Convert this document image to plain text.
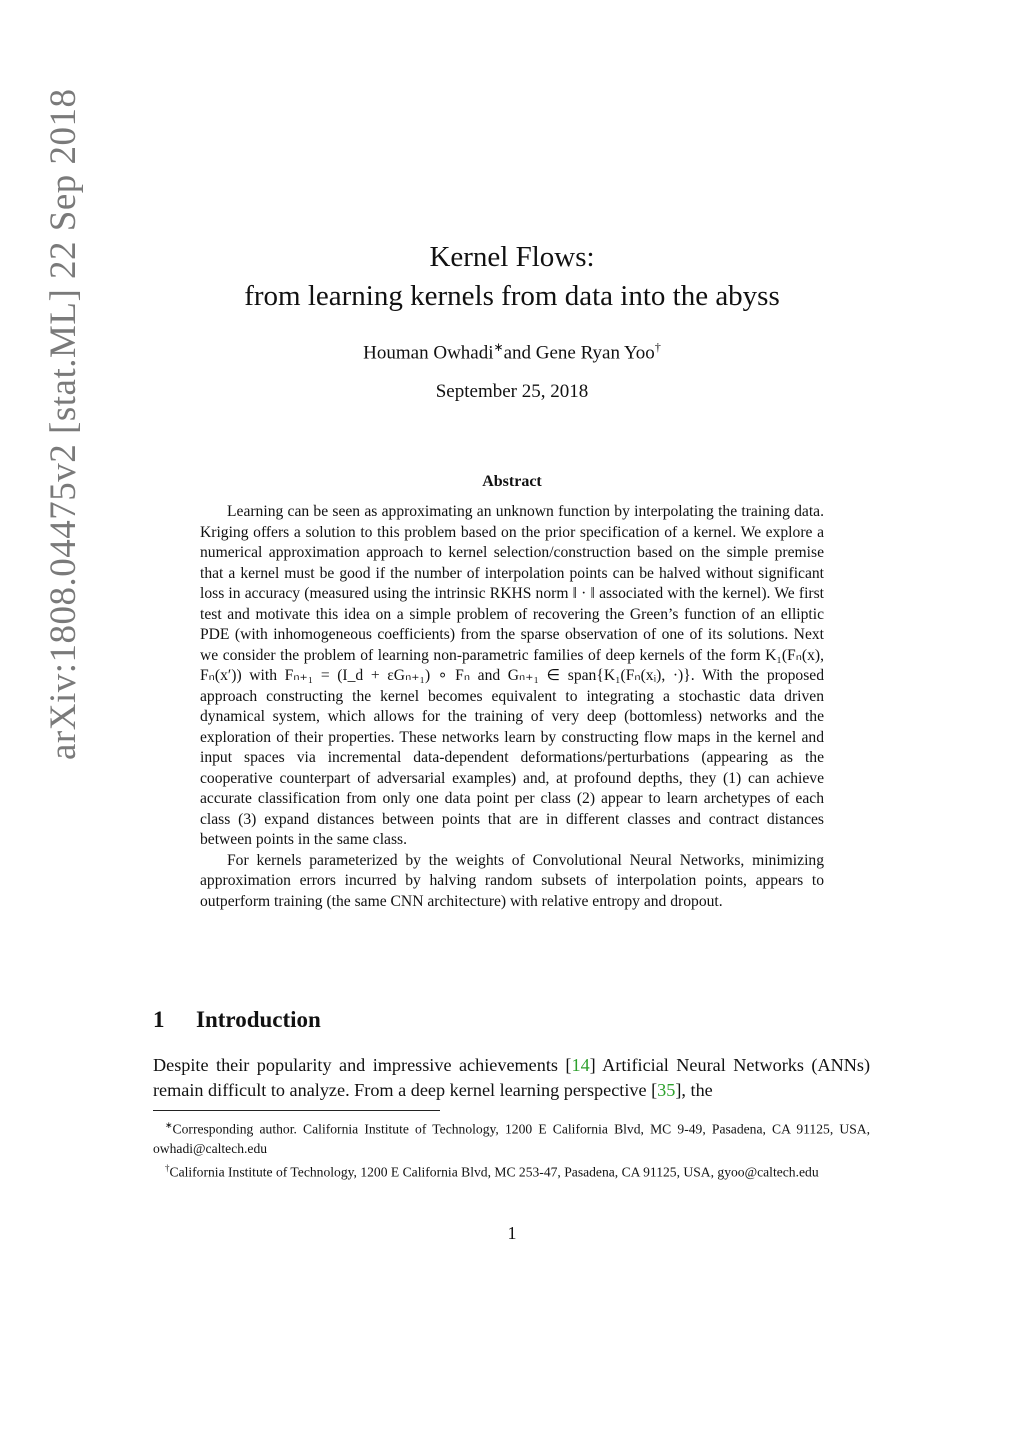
arXiv:1808.04475v2 [stat.ML] 22 Sep 2018	Kernel Flows:
from learning kernels from data into the abyss
Houman Owhadi∗and Gene Ryan Yoo†
September 25, 2018
Abstract

Learning can be seen as approximating an unknown function by interpolating the training data. Kriging offers a solution to this problem based on the prior specification of a kernel. We explore a numerical approximation approach to kernel selection/construction based on the simple premise that a kernel must be good if the number of interpolation points can be halved without significant loss in accuracy (measured using the intrinsic RKHS norm ‖ · ‖ associated with the kernel). We first test and motivate this idea on a simple problem of recovering the Green’s function of an elliptic PDE (with inhomogeneous coefficients) from the sparse observation of one of its solutions. Next we consider the problem of learning non-parametric families of deep kernels of the form K₁(Fₙ(x), Fₙ(x′)) with Fₙ₊₁ = (I_d + εGₙ₊₁) ∘ Fₙ and Gₙ₊₁ ∈ span{K₁(Fₙ(xᵢ), ·)}. With the proposed approach constructing the kernel becomes equivalent to integrating a stochastic data driven dynamical system, which allows for the training of very deep (bottomless) networks and the exploration of their properties. These networks learn by constructing flow maps in the kernel and input spaces via incremental data-dependent deformations/perturbations (appearing as the cooperative counterpart of adversarial examples) and, at profound depths, they (1) can achieve accurate classification from only one data point per class (2) appear to learn archetypes of each class (3) expand distances between points that are in different classes and contract distances between points in the same class.

For kernels parameterized by the weights of Convolutional Neural Networks, minimizing approximation errors incurred by halving random subsets of interpolation points, appears to outperform training (the same CNN architecture) with relative entropy and dropout.

1 Introduction
Despite their popularity and impressive achievements [14] Artificial Neural Networks (ANNs) remain difficult to analyze. From a deep kernel learning perspective [35], the

∗Corresponding author. California Institute of Technology, 1200 E California Blvd, MC 9-49, Pasadena, CA 91125, USA, owhadi@caltech.edu

†California Institute of Technology, 1200 E California Blvd, MC 253-47, Pasadena, CA 91125, USA, gyoo@caltech.edu

1
